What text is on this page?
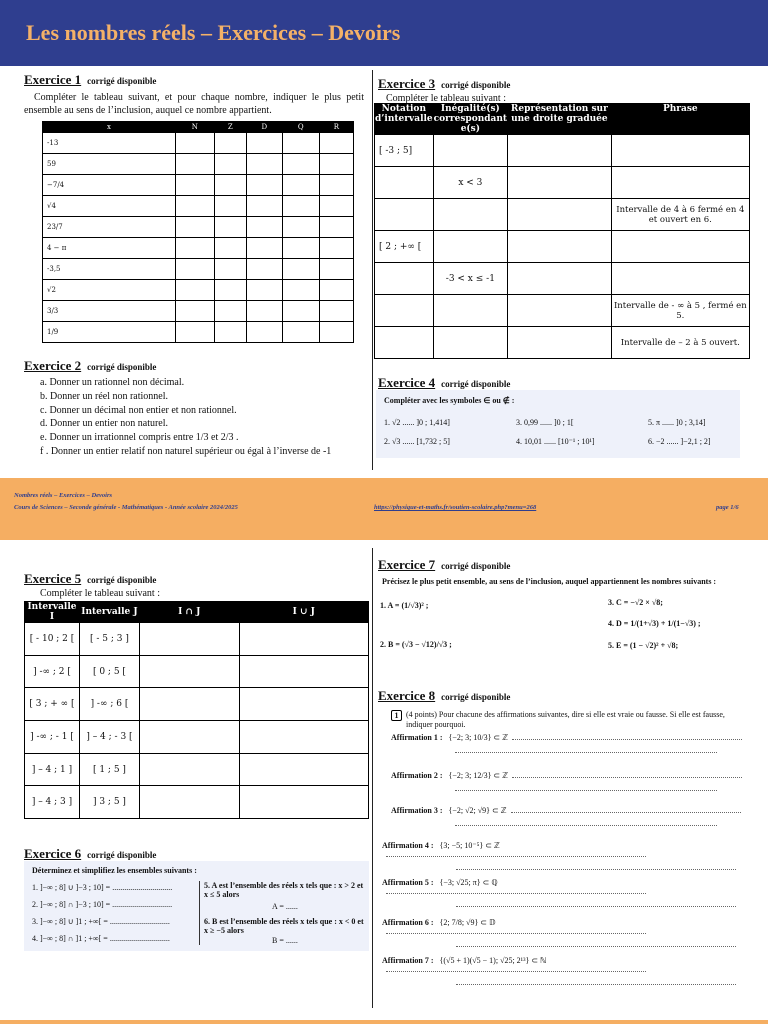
Les nombres réels – Exercices – Devoirs
Exercice 1 corrigé disponible
Compléter le tableau suivant, et pour chaque nombre, indiquer le plus petit ensemble au sens de l’inclusion, auquel ce nombre appartient.
x	N	Z	D	Q	R
-13					
59					
−7/4					
√4					
23/7					
4 − π					
-3,5					
√2					
3/3					
1/9					
Exercice 2 corrigé disponible
a. Donner un rationnel non décimal.
b. Donner un réel non rationnel.
c. Donner un décimal non entier et non rationnel.
d. Donner un entier non naturel.
e. Donner un irrationnel compris entre 1/3 et 2/3 .
f . Donner un entier relatif non naturel supérieur ou égal à l’inverse de -1
Exercice 3 corrigé disponible
Compléter le tableau suivant :
Notation d’intervalle	Inégalité(s) correspondant e(s)	Représentation sur une droite graduée	Phrase
[ -3 ; 5]			
	x < 3		
			Intervalle de 4 à 6 fermé en 4 et ouvert en 6.
[ 2 ; +∞ [			
	-3 < x ≤ -1		
			Intervalle de - ∞ à 5 , fermé en 5.
			Intervalle de – 2 à 5 ouvert.
Exercice 4 corrigé disponible
Compléter avec les symboles ∈ ou ∉ :
1. √2 ...... ]0 ; 1,414]
2. √3 ...... [1,732 ; 5]
3. 0,99 ...... ]0 ; 1[
4. 10,01 ...... [10⁻¹ ; 10¹]
5. π ...... ]0 ; 3,14]
6. −2 ...... ]−2,1 ; 2]
Nombres réels – Exercices – Devoirs
Cours de Sciences – Seconde générale - Mathématiques - Année scolaire 2024/2025	https://physique-et-maths.fr/soutien-scolaire.php?menu=268	page 1/6
Exercice 5 corrigé disponible
Compléter le tableau suivant :
Intervalle I	Intervalle J	I ∩ J	I ∪ J
[ - 10 ; 2 [	[ - 5 ; 3 ]		
] -∞ ; 2 [	[ 0 ; 5 [		
[ 3 ; + ∞ [	] -∞ ; 6 [		
] -∞ ; - 1 [	] – 4 ; - 3 [		
] – 4 ; 1 ]	[ 1 ; 5 ]		
] – 4 ; 3 ]	] 3 ; 5 ]		
Exercice 6 corrigé disponible
Déterminez et simplifiez les ensembles suivants :
1. ]−∞ ; 8] ∪ ]−3 ; 10] = ..............................
2. ]−∞ ; 8] ∩ ]−3 ; 10] = ..............................
3. ]−∞ ; 8] ∪ ]1 ; +∞[ = ..............................
4. ]−∞ ; 8] ∩ ]1 ; +∞[ = ..............................
5. A est l’ensemble des réels x tels que : x > 2 et x ≤ 5 alors
A = ......
6. B est l’ensemble des réels x tels que : x < 0 et x ≥ −5 alors
B = ......
Exercice 7 corrigé disponible
Précisez le plus petit ensemble, au sens de l’inclusion, auquel appartiennent les nombres suivants :
1. A = (1/√3)² ;
2. B = (√3 − √12)/√3 ;
3. C = −√2 × √8;
4. D = 1/(1+√3) + 1/(1−√3) ;
5. E = (1 − √2)² + √8;
Exercice 8 corrigé disponible
1 (4 points) Pour chacune des affirmations suivantes, dire si elle est vraie ou fausse. Si elle est fausse, indiquer pourquoi.
Affirmation 1 : {−2; 3; 10/3} ⊂ ℤ
Affirmation 2 : {−2; 3; 12/3} ⊂ ℤ
Affirmation 3 : {−2; √2; √9} ⊂ ℤ
Affirmation 4 : {3; −5; 10⁻⁵} ⊂ ℤ
Affirmation 5 : {−3; √25; π} ⊂ ℚ
Affirmation 6 : {2; 7/8; √9} ⊂ 𝔻
Affirmation 7 : {(√5 + 1)(√5 − 1); √25; 2¹³} ⊂ ℕ
